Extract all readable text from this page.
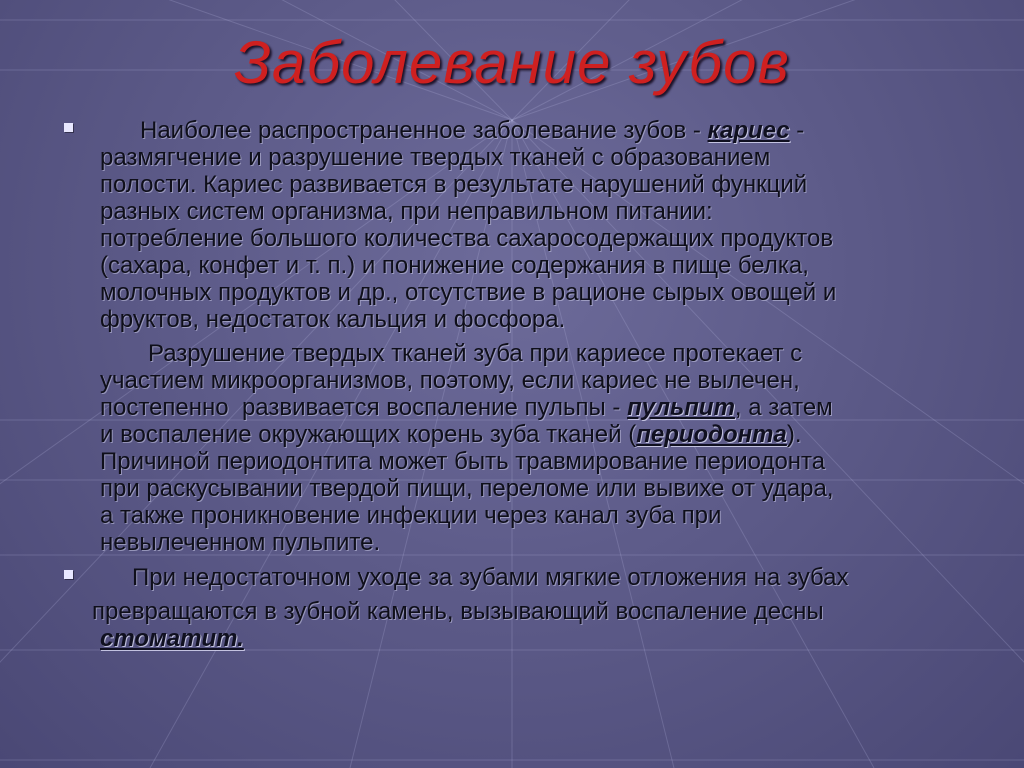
Заболевание зубов
Наиболее распространенное заболевание зубов - кариес -
размягчение и разрушение твердых тканей с образованием
полости. Кариес развивается в результате нарушений функций
разных систем организма, при неправильном питании:
потребление большого количества сахаросодержащих продуктов
(сахара, конфет и т. п.) и понижение содержания в пище белка,
молочных продуктов и др., отсутствие в рационе сырых овощей и
фруктов, недостаток кальция и фосфора.
Разрушение твердых тканей зуба при кариесе протекает с
участием микроорганизмов, поэтому, если кариес не вылечен,
постепенно  развивается воспаление пульпы - пульпит, а затем
и воспаление окружающих корень зуба тканей (периодонта).
Причиной периодонтита может быть травмирование периодонта
при раскусывании твердой пищи, переломе или вывихе от удара,
а также проникновение инфекции через канал зуба при
невылеченном пульпите.
При недостаточном уходе за зубами мягкие отложения на зубах
превращаются в зубной камень, вызывающий воспаление десны
стоматит.
